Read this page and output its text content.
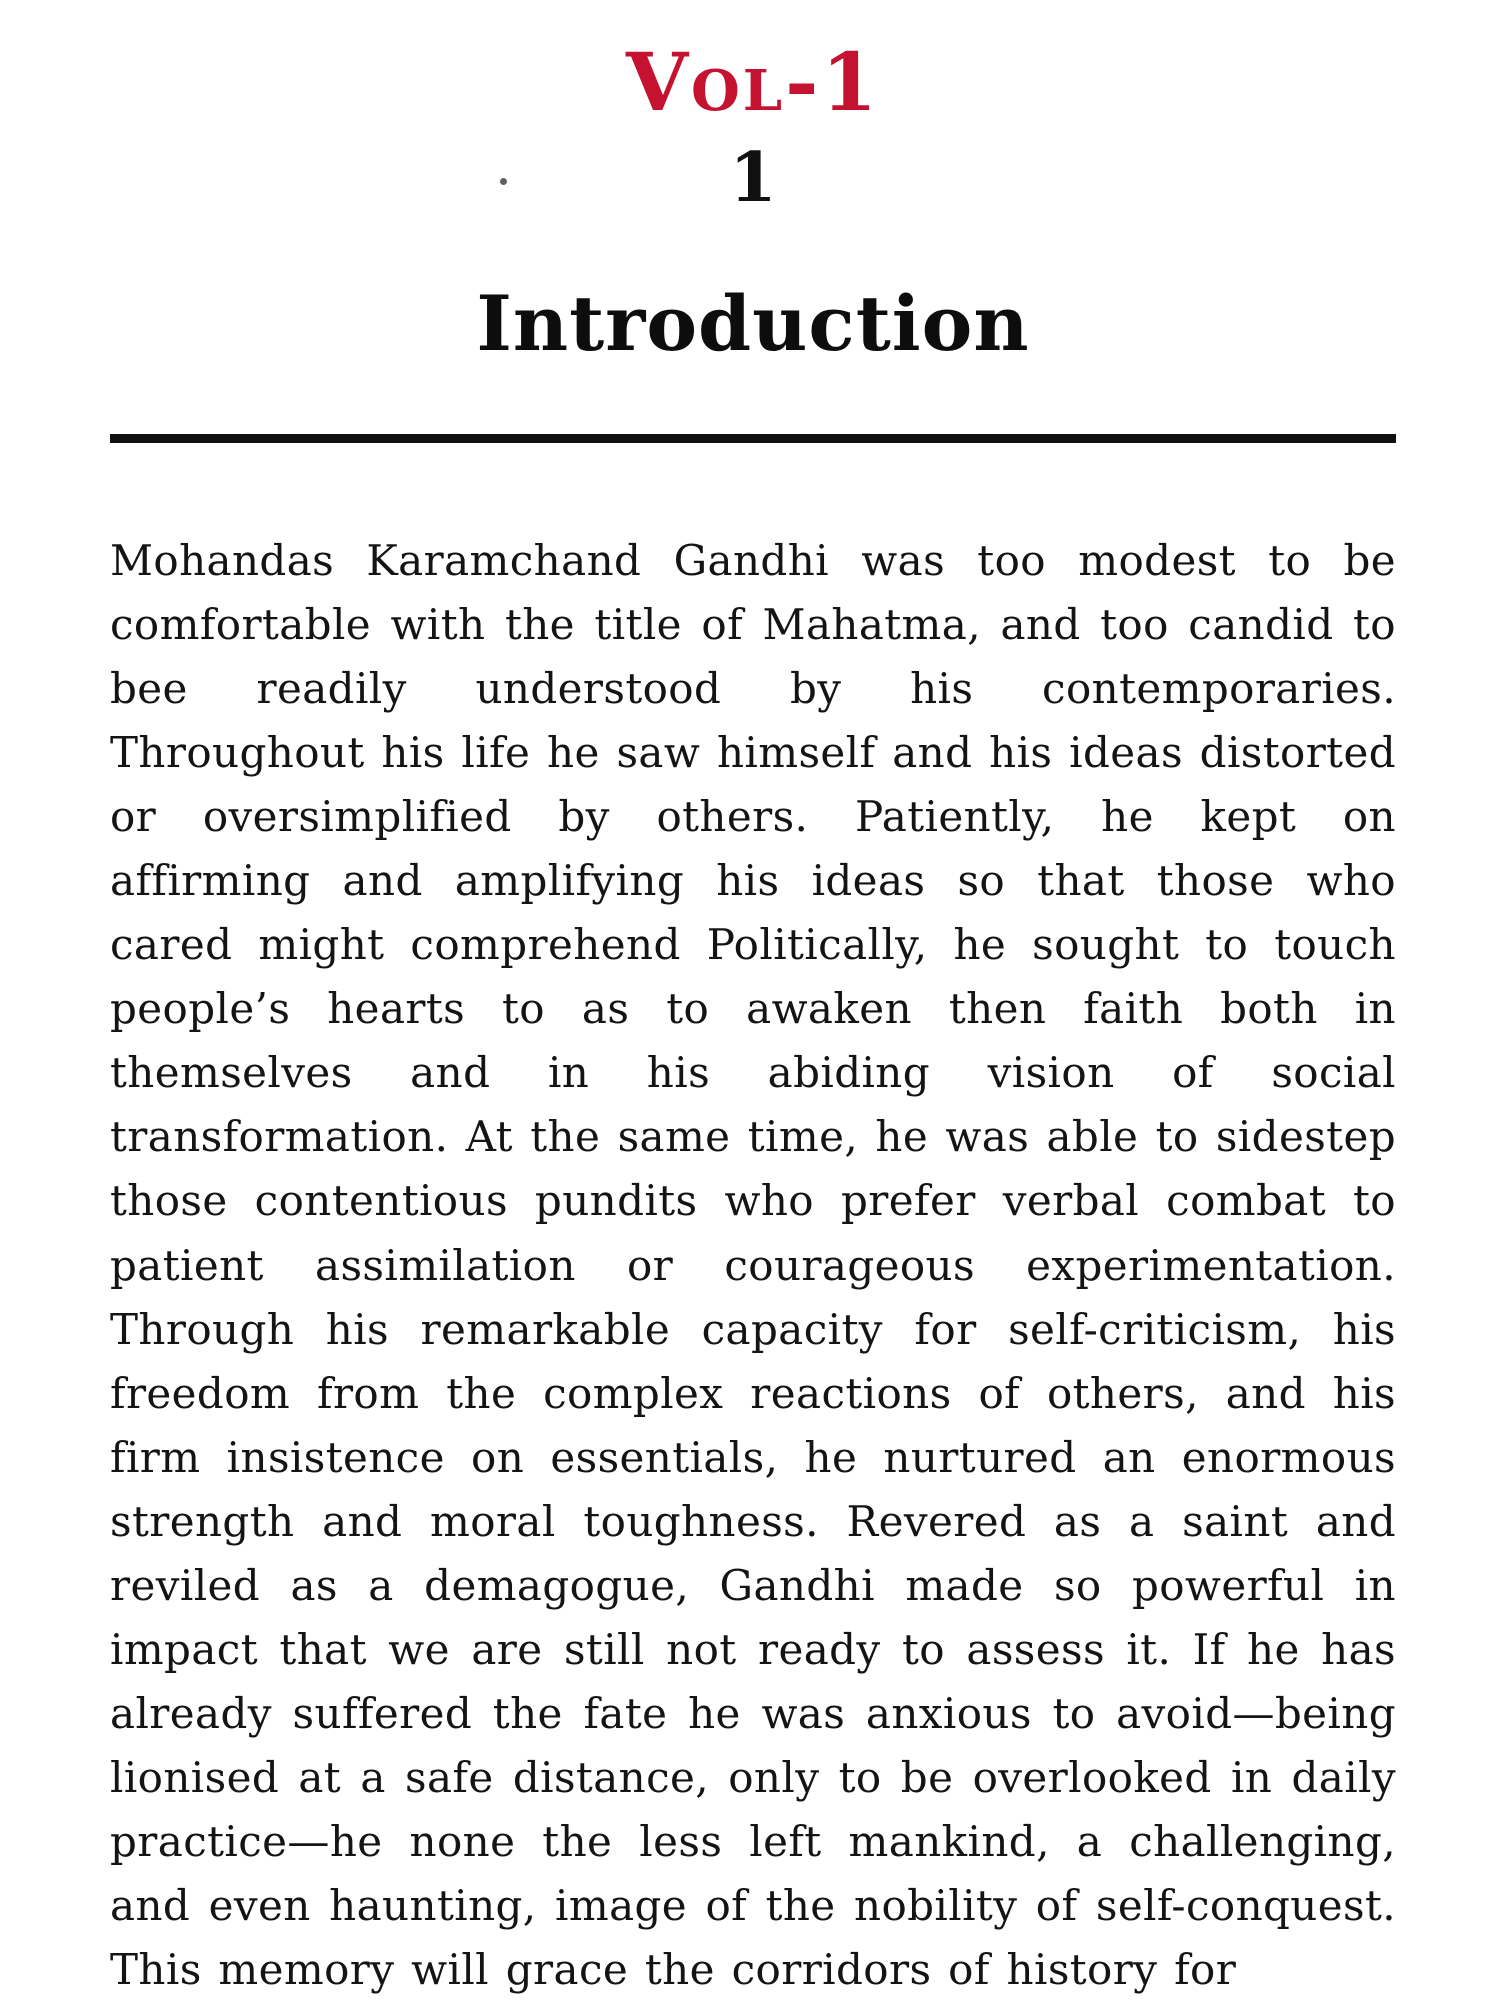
Vol-1
1
Introduction
Mohandas Karamchand Gandhi was too modest to be comfortable with the title of Mahatma, and too candid to bee readily understood by his contemporaries. Throughout his life he saw himself and his ideas distorted or oversimplified by others. Patiently, he kept on affirming and amplifying his ideas so that those who cared might comprehend Politically, he sought to touch people’s hearts to as to awaken then faith both in themselves and in his abiding vision of social transformation. At the same time, he was able to sidestep those contentious pundits who prefer verbal combat to patient assimilation or courageous experimentation. Through his remarkable capacity for self-criticism, his freedom from the complex reactions of others, and his firm insistence on essentials, he nurtured an enormous strength and moral toughness. Revered as a saint and reviled as a demagogue, Gandhi made so powerful in impact that we are still not ready to assess it. If he has already suffered the fate he was anxious to avoid—being lionised at a safe distance, only to be overlooked in daily practice—he none the less left mankind, a challenging, and even haunting, image of the nobility of self-conquest. This memory will grace the corridors of history for
